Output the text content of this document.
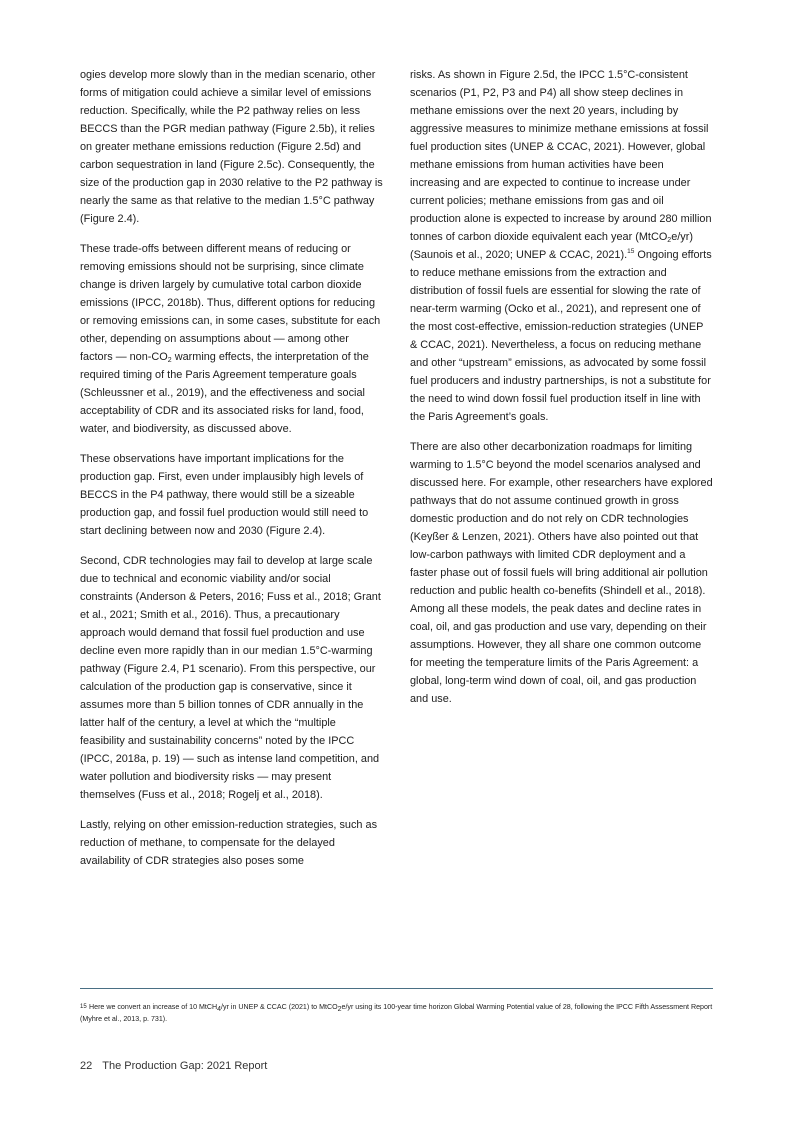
ogies develop more slowly than in the median scenario, other forms of mitigation could achieve a similar level of emissions reduction. Specifically, while the P2 pathway relies on less BECCS than the PGR median pathway (Figure 2.5b), it relies on greater methane emissions reduction (Figure 2.5d) and carbon sequestration in land (Figure 2.5c). Consequently, the size of the production gap in 2030 relative to the P2 pathway is nearly the same as that relative to the median 1.5°C pathway (Figure 2.4).

These trade-offs between different means of reducing or removing emissions should not be surprising, since climate change is driven largely by cumulative total carbon dioxide emissions (IPCC, 2018b). Thus, different options for reducing or removing emissions can, in some cases, substitute for each other, depending on assumptions about — among other factors — non-$CO_2$ warming effects, the interpretation of the required timing of the Paris Agreement temperature goals (Schleussner et al., 2019), and the effectiveness and social acceptability of CDR and its associated risks for land, food, water, and biodiversity, as discussed above.

These observations have important implications for the production gap. First, even under implausibly high levels of BECCS in the P4 pathway, there would still be a sizeable production gap, and fossil fuel production would still need to start declining between now and 2030 (Figure 2.4).

Second, CDR technologies may fail to develop at large scale due to technical and economic viability and/or social constraints (Anderson & Peters, 2016; Fuss et al., 2018; Grant et al., 2021; Smith et al., 2016). Thus, a precautionary approach would demand that fossil fuel production and use decline even more rapidly than in our median 1.5°C-warming pathway (Figure 2.4, P1 scenario). From this perspective, our calculation of the production gap is conservative, since it assumes more than 5 billion tonnes of CDR annually in the latter half of the century, a level at which the “multiple feasibility and sustainability concerns” noted by the IPCC (IPCC, 2018a, p. 19) — such as intense land competition, and water pollution and biodiversity risks — may present themselves (Fuss et al., 2018; Rogelj et al., 2018).

Lastly, relying on other emission-reduction strategies, such as reduction of methane, to compensate for the delayed availability of CDR strategies also poses some

risks. As shown in Figure 2.5d, the IPCC 1.5°C-consistent scenarios (P1, P2, P3 and P4) all show steep declines in methane emissions over the next 20 years, including by aggressive measures to minimize methane emissions at fossil fuel production sites (UNEP & CCAC, 2021). However, global methane emissions from human activities have been increasing and are expected to continue to increase under current policies; methane emissions from gas and oil production alone is expected to increase by around 280 million tonnes of carbon dioxide equivalent each year (MtCO$_2$e/yr) (Saunois et al., 2020; UNEP & CCAC, 2021).$^{15}$ Ongoing efforts to reduce methane emissions from the extraction and distribution of fossil fuels are essential for slowing the rate of near-term warming (Ocko et al., 2021), and represent one of the most cost-effective, emission-reduction strategies (UNEP & CCAC, 2021). Nevertheless, a focus on reducing methane and other “upstream” emissions, as advocated by some fossil fuel producers and industry partnerships, is not a substitute for the need to wind down fossil fuel production itself in line with the Paris Agreement’s goals.

There are also other decarbonization roadmaps for limiting warming to 1.5°C beyond the model scenarios analysed and discussed here. For example, other researchers have explored pathways that do not assume continued growth in gross domestic production and do not rely on CDR technologies (Keyßer & Lenzen, 2021). Others have also pointed out that low-carbon pathways with limited CDR deployment and a faster phase out of fossil fuels will bring additional air pollution reduction and public health co-benefits (Shindell et al., 2018). Among all these models, the peak dates and decline rates in coal, oil, and gas production and use vary, depending on their assumptions. However, they all share one common outcome for meeting the temperature limits of the Paris Agreement: a global, long-term wind down of coal, oil, and gas production and use.

15 Here we convert an increase of 10 MtCH$_4$/yr in UNEP & CCAC (2021) to MtCO$_2$e/yr using its 100-year time horizon Global Warming Potential value of 28, following the IPCC Fifth Assessment Report (Myhre et al., 2013, p. 731).
22 The Production Gap: 2021 Report
